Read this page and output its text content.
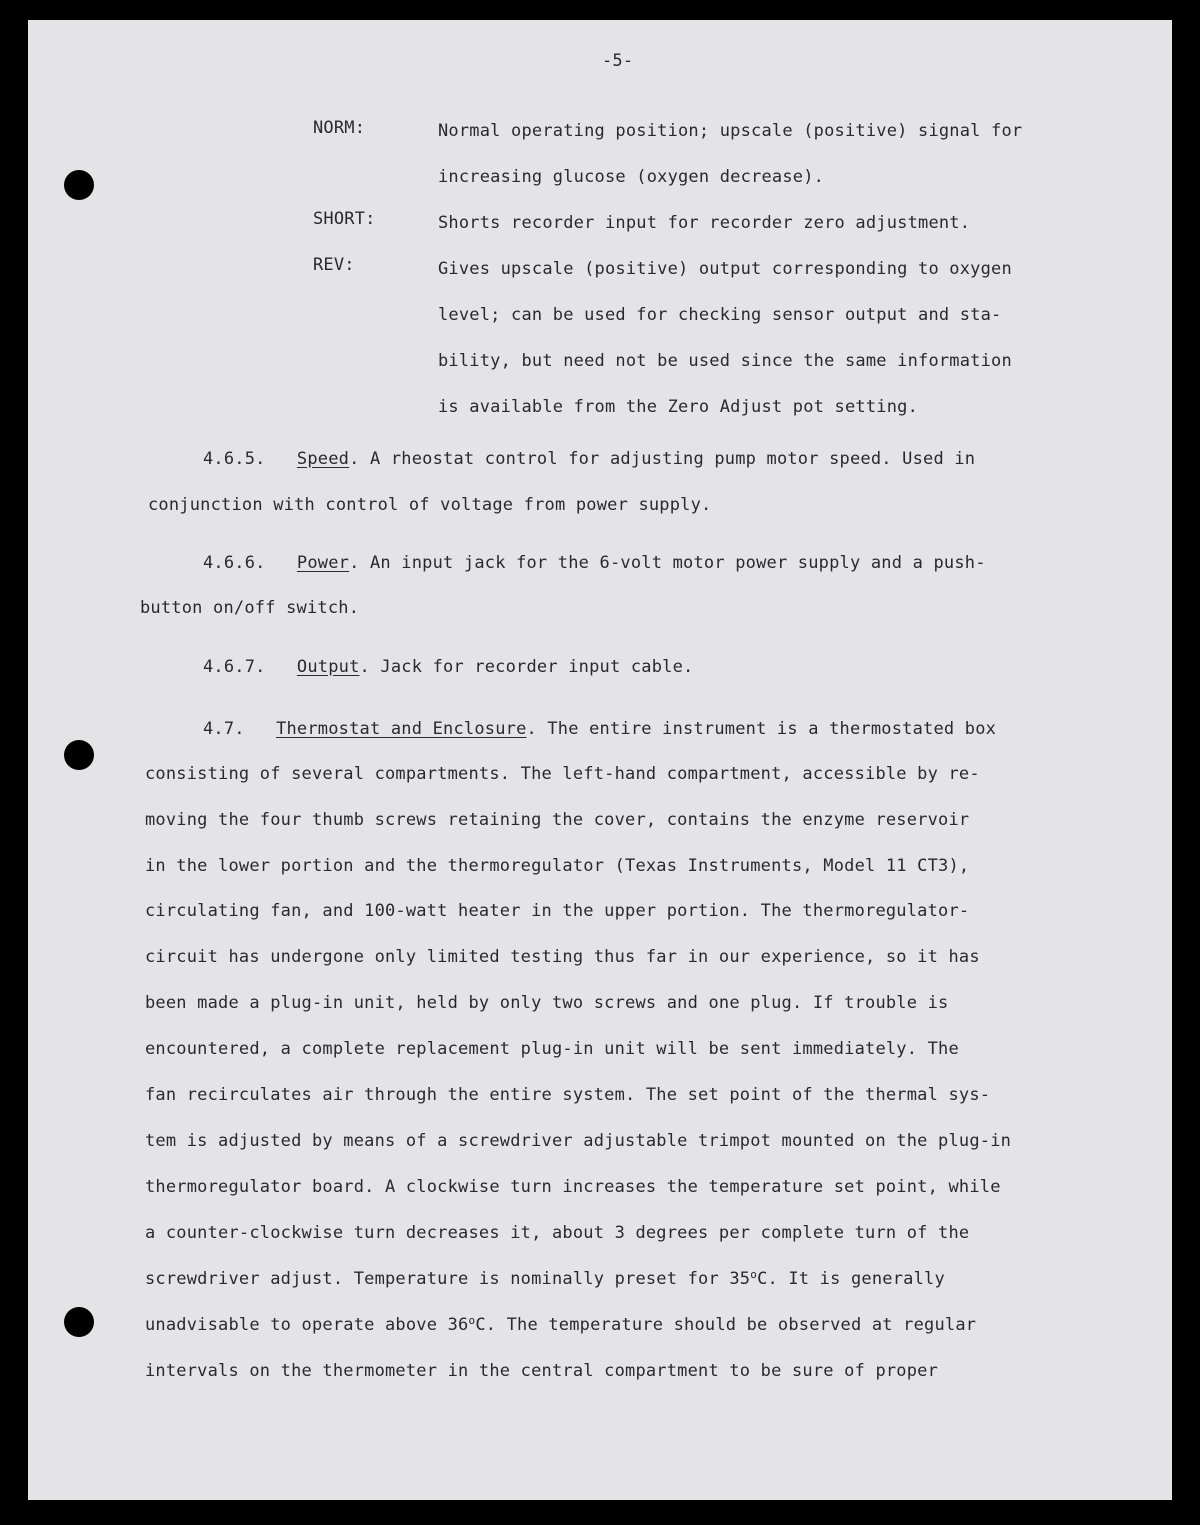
-5-
NORM:	Normal operating position; upscale (positive) signal for
increasing glucose (oxygen decrease).
SHORT:	Shorts recorder input for recorder zero adjustment.
REV:	Gives upscale (positive) output corresponding to oxygen
level; can be used for checking sensor output and sta-
bility, but need not be used since the same information
is available from the Zero Adjust pot setting.
4.6.5. Speed. A rheostat control for adjusting pump motor speed. Used in
conjunction with control of voltage from power supply.
4.6.6. Power. An input jack for the 6-volt motor power supply and a push-
button on/off switch.
4.6.7. Output. Jack for recorder input cable.
4.7. Thermostat and Enclosure. The entire instrument is a thermostated box
consisting of several compartments. The left-hand compartment, accessible by re-
moving the four thumb screws retaining the cover, contains the enzyme reservoir
in the lower portion and the thermoregulator (Texas Instruments, Model 11 CT3),
circulating fan, and 100-watt heater in the upper portion. The thermoregulator-
circuit has undergone only limited testing thus far in our experience, so it has
been made a plug-in unit, held by only two screws and one plug. If trouble is
encountered, a complete replacement plug-in unit will be sent immediately. The
fan recirculates air through the entire system. The set point of the thermal sys-
tem is adjusted by means of a screwdriver adjustable trimpot mounted on the plug-in
thermoregulator board. A clockwise turn increases the temperature set point, while
a counter-clockwise turn decreases it, about 3 degrees per complete turn of the
screwdriver adjust. Temperature is nominally preset for 35$^o$C. It is generally
unadvisable to operate above 36$^o$C. The temperature should be observed at regular
intervals on the thermometer in the central compartment to be sure of proper
